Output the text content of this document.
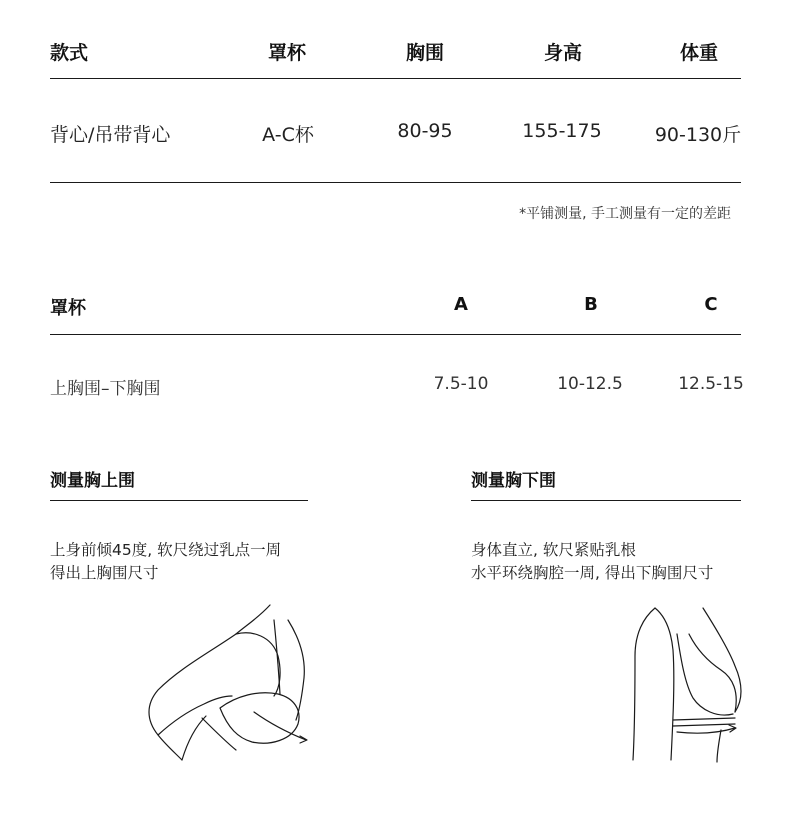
款式	罩杯	胸围	身高	体重
背心/吊带背心	A-C杯	80-95	155-175	90-130斤
*平铺测量, 手工测量有一定的差距
罩杯	A	B	C
上胸围–下胸围	7.5-10	10-12.5	12.5-15
测量胸上围
上身前倾45度, 软尺绕过乳点一周
得出上胸围尺寸
测量胸下围
身体直立, 软尺紧贴乳根
水平环绕胸腔一周, 得出下胸围尺寸
